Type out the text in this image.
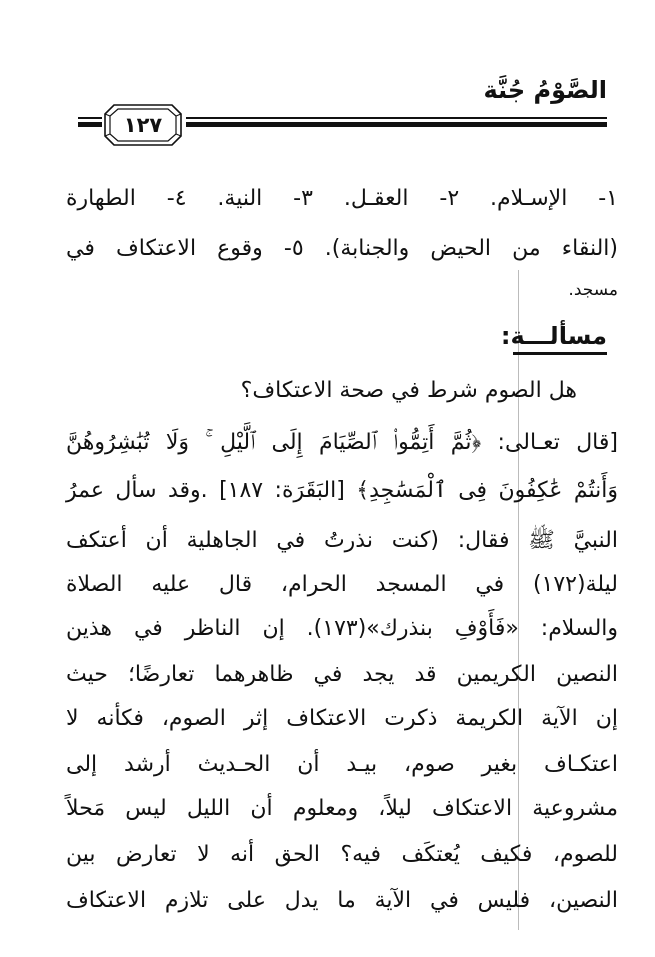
الصَّوْمُ جُنَّة
١٢٧
١- الإسـلام. ٢- العقـل. ٣- النية. ٤- الطهارة
(النقاء من الحيض والجنابة). ٥- وقوع الاعتكاف في
مسجد.
مسألـــة:
هل الصوم شرط في صحة الاعتكاف؟
[قال تعـالى: ﴿ثُمَّ أَتِمُّوا۟ ٱلصِّيَامَ إِلَى ٱلَّيْلِ ۚ وَلَا تُبَٰشِرُوهُنَّ
وَأَنتُمْ عَٰكِفُونَ فِى ٱلْمَسَٰجِدِ﴾ [البَقَرَة: ١٨٧] .وقد سأل عمرُ
النبيَّ ﷺ فقال: (كنت نذرتُ في الجاهلية أن أعتكف
ليلة(١٧٢) في المسجد الحرام، قال عليه الصلاة
والسلام: «فَأَوْفِ بنذرك»(١٧٣). إن الناظر في هذين
النصين الكريمين قد يجد في ظاهرهما تعارضًا؛ حيث
إن الآية الكريمة ذكرت الاعتكاف إثر الصوم، فكأنه لا
اعتكـاف بغير صوم، بيـد أن الحـديث أرشد إلى
مشروعية الاعتكاف ليلاً، ومعلوم أن الليل ليس مَحلاً
للصوم، فكيف يُعتكَف فيه؟ الحق أنه لا تعارض بين
النصين، فليس في الآية ما يدل على تلازم الاعتكاف
